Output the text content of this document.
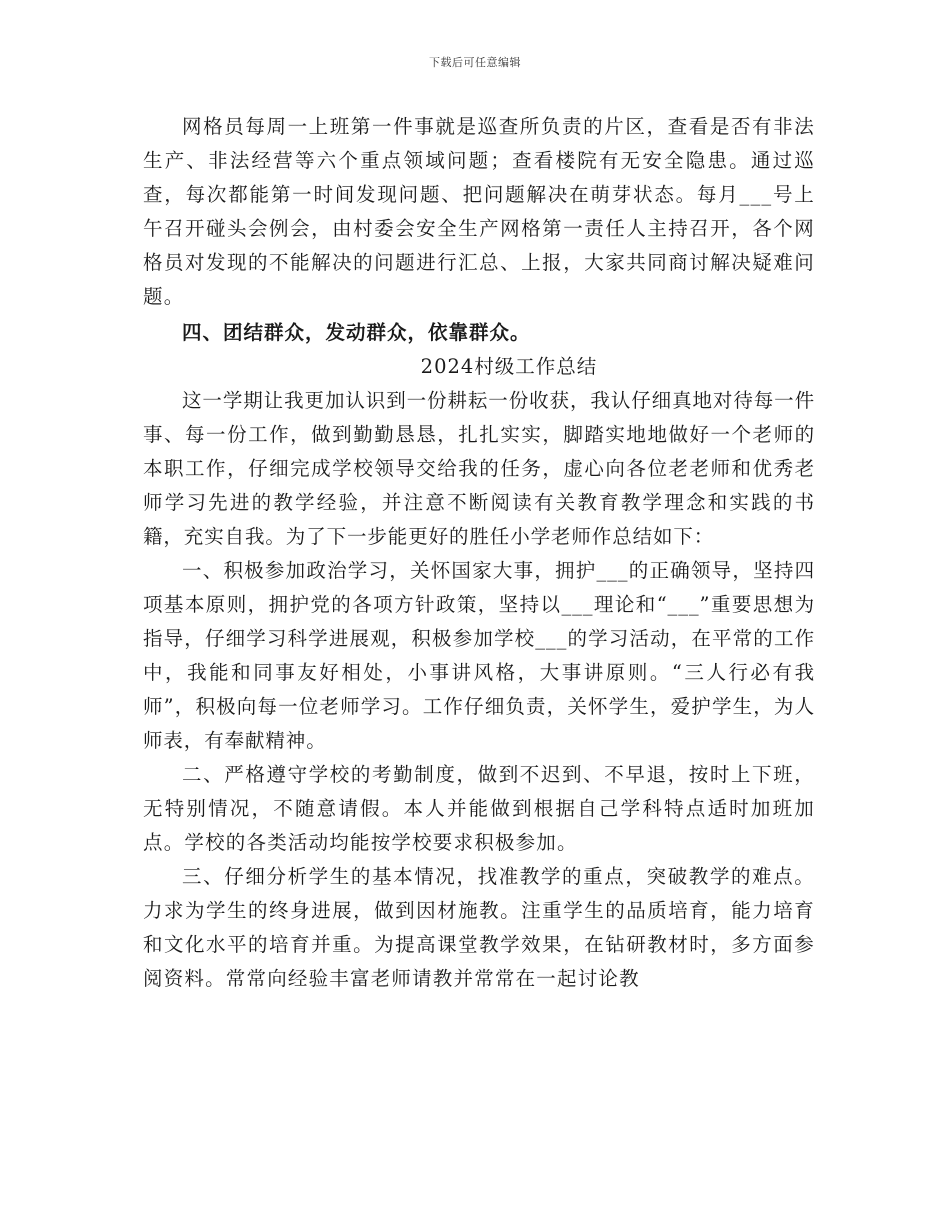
下载后可任意编辑

网格员每周一上班第一件事就是巡查所负责的片区，查看是否有非法生产、非法经营等六个重点领域问题；查看楼院有无安全隐患。通过巡查，每次都能第一时间发现问题、把问题解决在萌芽状态。每月___号上午召开碰头会例会，由村委会安全生产网格第一责任人主持召开，各个网格员对发现的不能解决的问题进行汇总、上报，大家共同商讨解决疑难问题。

四、团结群众，发动群众，依靠群众。

2024村级工作总结

这一学期让我更加认识到一份耕耘一份收获，我认仔细真地对待每一件事、每一份工作，做到勤勤恳恳，扎扎实实，脚踏实地地做好一个老师的本职工作，仔细完成学校领导交给我的任务，虚心向各位老老师和优秀老师学习先进的教学经验，并注意不断阅读有关教育教学理念和实践的书籍，充实自我。为了下一步能更好的胜任小学老师作总结如下：

一、积极参加政治学习，关怀国家大事，拥护___的正确领导，坚持四项基本原则，拥护党的各项方针政策，坚持以___理论和“___”重要思想为指导，仔细学习科学进展观，积极参加学校___的学习活动，在平常的工作中，我能和同事友好相处，小事讲风格，大事讲原则。“三人行必有我师”，积极向每一位老师学习。工作仔细负责，关怀学生，爱护学生，为人师表，有奉献精神。

二、严格遵守学校的考勤制度，做到不迟到、不早退，按时上下班，无特别情况，不随意请假。本人并能做到根据自己学科特点适时加班加点。学校的各类活动均能按学校要求积极参加。

三、仔细分析学生的基本情况，找准教学的重点，突破教学的难点。力求为学生的终身进展，做到因材施教。注重学生的品质培育，能力培育和文化水平的培育并重。为提高课堂教学效果，在钻研教材时，多方面参阅资料。常常向经验丰富老师请教并常常在一起讨论教
